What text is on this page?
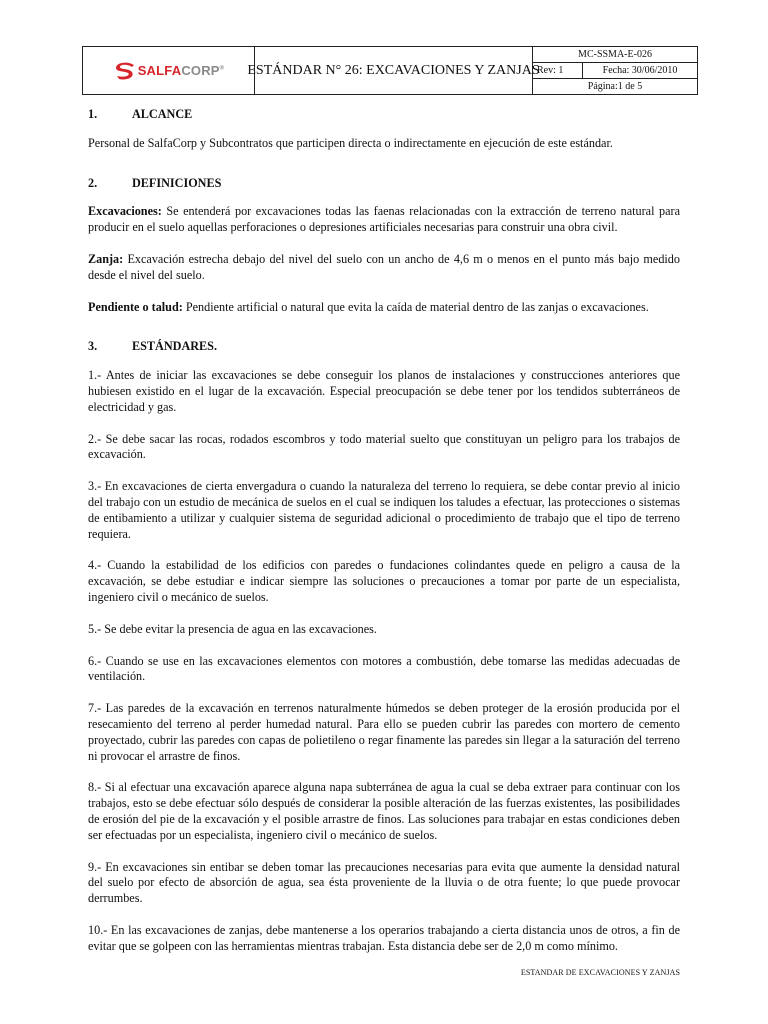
SALFACORP® ESTÁNDAR N° 26: EXCAVACIONES Y ZANJAS
MC-SSMA-E-026
Rev: 1	Fecha: 30/06/2010
Página:1 de 5
1.	ALCANCE

Personal de SalfaCorp y Subcontratos que participen directa o indirectamente en ejecución de este estándar.

2.	DEFINICIONES

Excavaciones: Se entenderá por excavaciones todas las faenas relacionadas con la extracción de terreno natural para producir en el suelo aquellas perforaciones o depresiones artificiales necesarias para construir una obra civil.

Zanja: Excavación estrecha debajo del nivel del suelo con un ancho de 4,6 m o menos en el punto más bajo medido desde el nivel del suelo.

Pendiente o talud: Pendiente artificial o natural que evita la caída de material dentro de las zanjas o excavaciones.

3.	ESTÁNDARES.

1.- Antes de iniciar las excavaciones se debe conseguir los planos de instalaciones y construcciones anteriores que hubiesen existido en el lugar de la excavación. Especial preocupación se debe tener por los tendidos subterráneos de electricidad y gas.

2.- Se debe sacar las rocas, rodados escombros y todo material suelto que constituyan un peligro para los trabajos de excavación.

3.- En excavaciones de cierta envergadura o cuando la naturaleza del terreno lo requiera, se debe contar previo al inicio del trabajo con un estudio de mecánica de suelos en el cual se indiquen los taludes a efectuar, las protecciones o sistemas de entibamiento a utilizar y cualquier sistema de seguridad adicional o procedimiento de trabajo que el tipo de terreno requiera.

4.- Cuando la estabilidad de los edificios con paredes o fundaciones colindantes quede en peligro a causa de la excavación, se debe estudiar e indicar siempre las soluciones o precauciones a tomar por parte de un especialista, ingeniero civil o mecánico de suelos.

5.- Se debe evitar la presencia de agua en las excavaciones.

6.- Cuando se use en las excavaciones elementos con motores a combustión, debe tomarse las medidas adecuadas de ventilación.

7.- Las paredes de la excavación en terrenos naturalmente húmedos se deben proteger de la erosión producida por el resecamiento del terreno al perder humedad natural. Para ello se pueden cubrir las paredes con mortero de cemento proyectado, cubrir las paredes con capas de polietileno o regar finamente las paredes sin llegar a la saturación del terreno ni provocar el arrastre de finos.

8.- Si al efectuar una excavación aparece alguna napa subterránea de agua la cual se deba extraer para continuar con los trabajos, esto se debe efectuar sólo después de considerar la posible alteración de las fuerzas existentes, las posibilidades de erosión del pie de la excavación y el posible arrastre de finos. Las soluciones para trabajar en estas condiciones deben ser efectuadas por un especialista, ingeniero civil o mecánico de suelos.

9.- En excavaciones sin entibar se deben tomar las precauciones necesarias para evita que aumente la densidad natural del suelo por efecto de absorción de agua, sea ésta proveniente de la lluvia o de otra fuente; lo que puede provocar derrumbes.

10.- En las excavaciones de zanjas, debe mantenerse a los operarios trabajando a cierta distancia unos de otros, a fin de evitar que se golpeen con las herramientas mientras trabajan. Esta distancia debe ser de 2,0 m como mínimo.

ESTANDAR DE EXCAVACIONES Y ZANJAS
